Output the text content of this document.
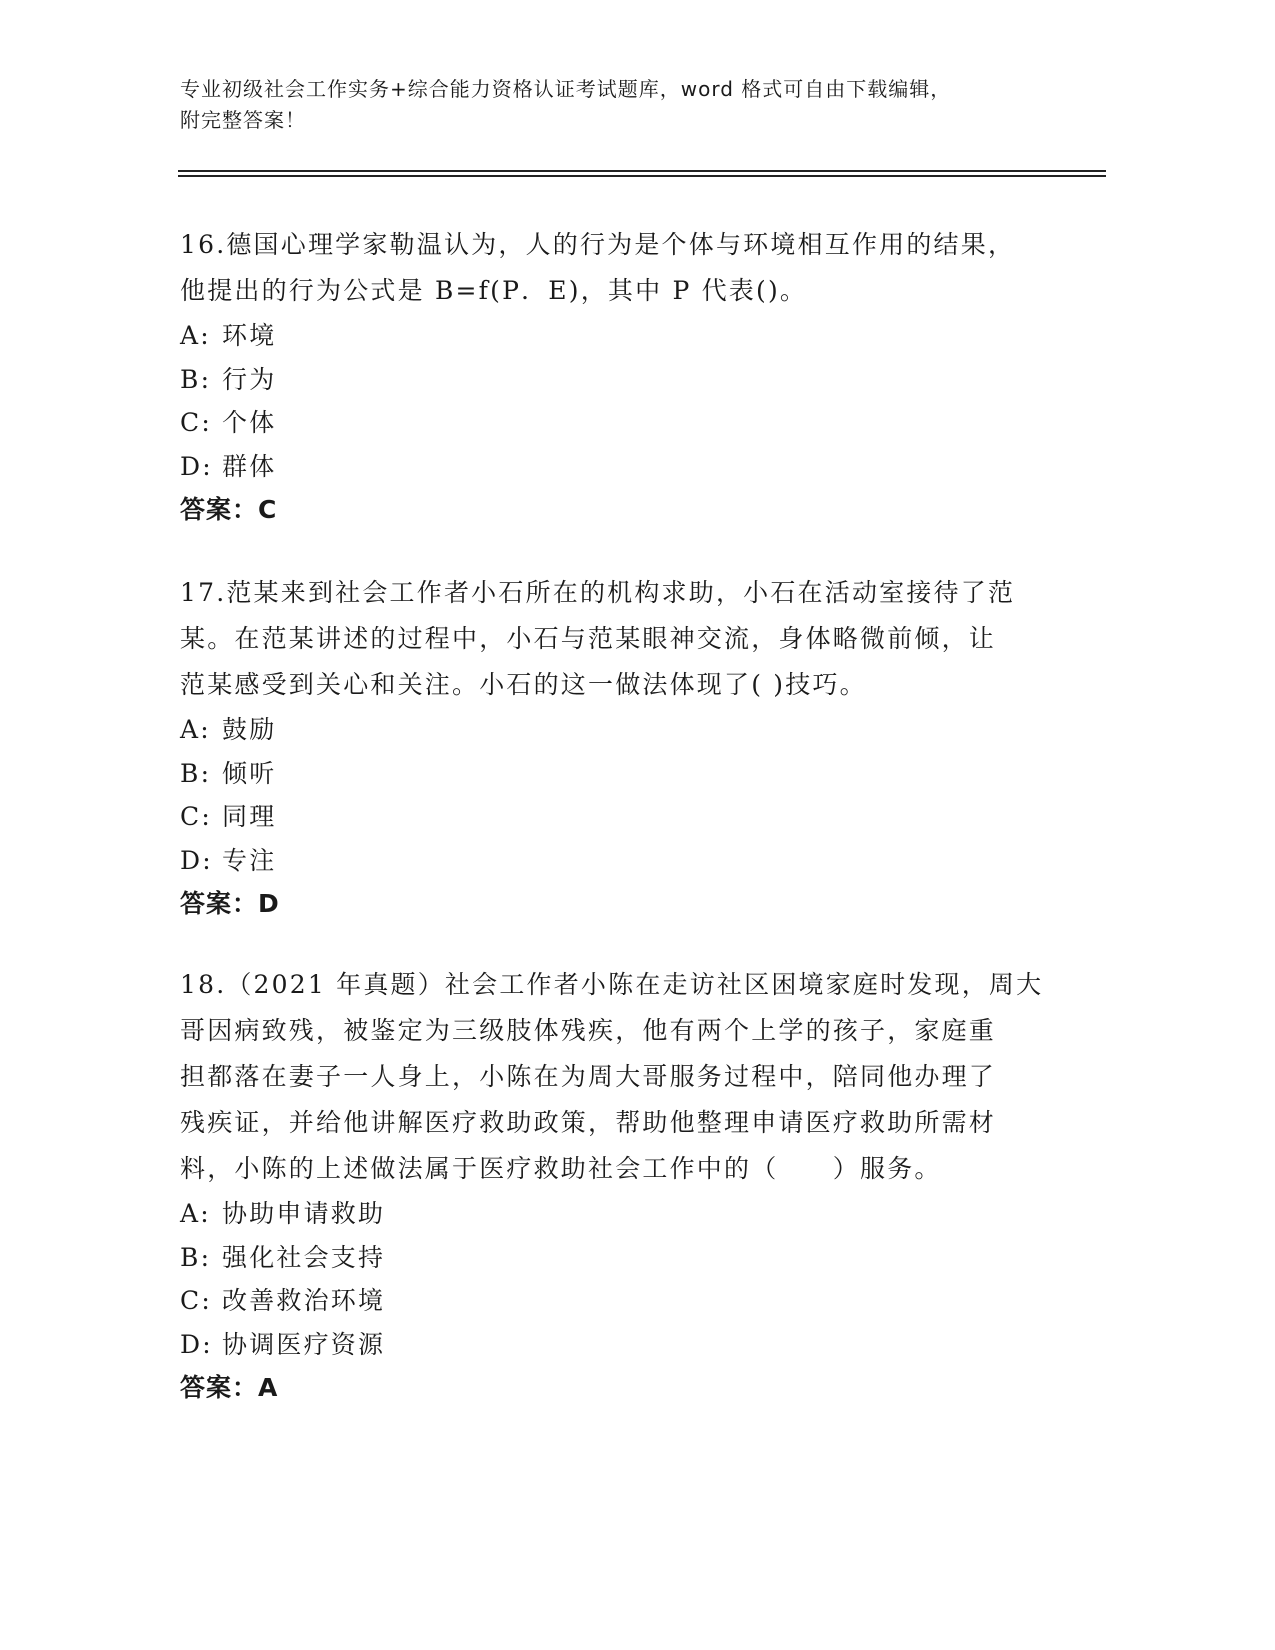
专业初级社会工作实务+综合能力资格认证考试题库，word 格式可自由下载编辑，
附完整答案！

16.德国心理学家勒温认为，人的行为是个体与环境相互作用的结果，

他提出的行为公式是 B=f(P．E)，其中 P 代表()。

A: 环境

B: 行为

C: 个体

D: 群体

答案：C

17.范某来到社会工作者小石所在的机构求助，小石在活动室接待了范

某。在范某讲述的过程中，小石与范某眼神交流，身体略微前倾，让

范某感受到关心和关注。小石的这一做法体现了( )技巧。

A: 鼓励

B: 倾听

C: 同理

D: 专注

答案：D

18.（2021 年真题）社会工作者小陈在走访社区困境家庭时发现，周大

哥因病致残，被鉴定为三级肢体残疾，他有两个上学的孩子，家庭重

担都落在妻子一人身上，小陈在为周大哥服务过程中，陪同他办理了

残疾证，并给他讲解医疗救助政策，帮助他整理申请医疗救助所需材

料，小陈的上述做法属于医疗救助社会工作中的（　　）服务。

A: 协助申请救助

B: 强化社会支持

C: 改善救治环境

D: 协调医疗资源

答案：A
